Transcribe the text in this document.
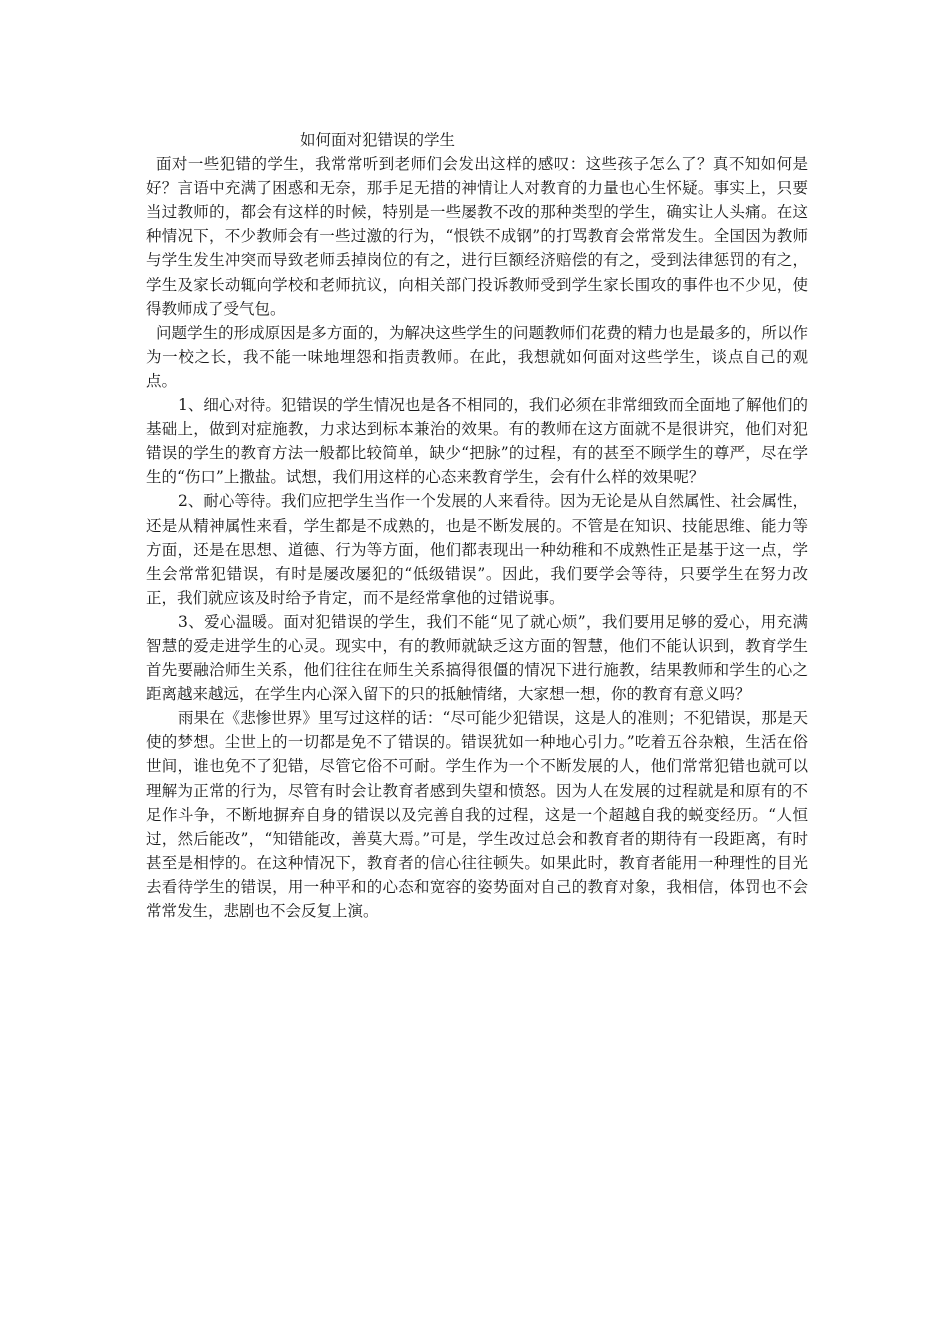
如何面对犯错误的学生

面对一些犯错的学生，我常常听到老师们会发出这样的感叹：这些孩子怎么了？真不知如何是好？言语中充满了困惑和无奈，那手足无措的神情让人对教育的力量也心生怀疑。事实上，只要当过教师的，都会有这样的时候，特别是一些屡教不改的那种类型的学生，确实让人头痛。在这种情况下，不少教师会有一些过激的行为，“恨铁不成钢”的打骂教育会常常发生。全国因为教师与学生发生冲突而导致老师丢掉岗位的有之，进行巨额经济赔偿的有之，受到法律惩罚的有之，学生及家长动辄向学校和老师抗议，向相关部门投诉教师受到学生家长围攻的事件也不少见，使得教师成了受气包。

问题学生的形成原因是多方面的，为解决这些学生的问题教师们花费的精力也是最多的，所以作为一校之长，我不能一味地埋怨和指责教师。在此，我想就如何面对这些学生，谈点自己的观点。

1、细心对待。犯错误的学生情况也是各不相同的，我们必须在非常细致而全面地了解他们的基础上，做到对症施教，力求达到标本兼治的效果。有的教师在这方面就不是很讲究，他们对犯错误的学生的教育方法一般都比较简单，缺少“把脉”的过程，有的甚至不顾学生的尊严，尽在学生的“伤口”上撒盐。试想，我们用这样的心态来教育学生，会有什么样的效果呢？

2、耐心等待。我们应把学生当作一个发展的人来看待。因为无论是从自然属性、社会属性，还是从精神属性来看，学生都是不成熟的，也是不断发展的。不管是在知识、技能思维、能力等方面，还是在思想、道德、行为等方面，他们都表现出一种幼稚和不成熟性正是基于这一点，学生会常常犯错误，有时是屡改屡犯的“低级错误”。因此，我们要学会等待，只要学生在努力改正，我们就应该及时给予肯定，而不是经常拿他的过错说事。

3、爱心温暖。面对犯错误的学生，我们不能“见了就心烦”，我们要用足够的爱心，用充满智慧的爱走进学生的心灵。现实中，有的教师就缺乏这方面的智慧，他们不能认识到，教育学生首先要融洽师生关系，他们往往在师生关系搞得很僵的情况下进行施教，结果教师和学生的心之距离越来越远，在学生内心深入留下的只的抵触情绪，大家想一想，你的教育有意义吗？

雨果在《悲惨世界》里写过这样的话：“尽可能少犯错误，这是人的准则；不犯错误，那是天使的梦想。尘世上的一切都是免不了错误的。错误犹如一种地心引力。”吃着五谷杂粮，生活在俗世间，谁也免不了犯错，尽管它俗不可耐。学生作为一个不断发展的人，他们常常犯错也就可以理解为正常的行为，尽管有时会让教育者感到失望和愤怒。因为人在发展的过程就是和原有的不足作斗争，不断地摒弃自身的错误以及完善自我的过程，这是一个超越自我的蜕变经历。“人恒过，然后能改”，“知错能改，善莫大焉。”可是，学生改过总会和教育者的期待有一段距离，有时甚至是相悖的。在这种情况下，教育者的信心往往顿失。如果此时，教育者能用一种理性的目光去看待学生的错误，用一种平和的心态和宽容的姿势面对自己的教育对象，我相信，体罚也不会常常发生，悲剧也不会反复上演。
